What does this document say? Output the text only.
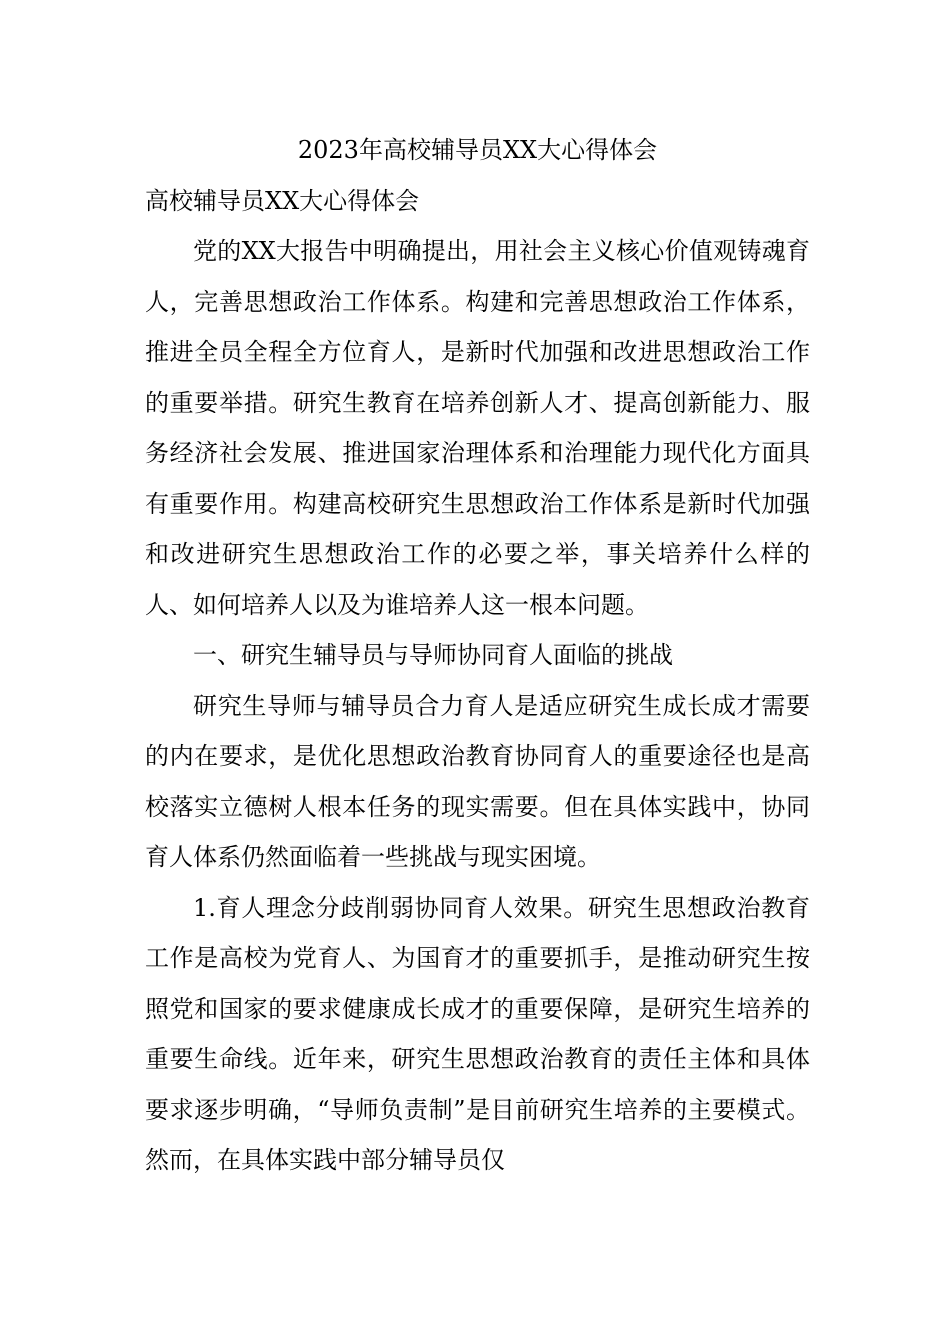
2023年高校辅导员XX大心得体会

高校辅导员XX大心得体会

党的XX大报告中明确提出，用社会主义核心价值观铸魂育人，完善思想政治工作体系。构建和完善思想政治工作体系，推进全员全程全方位育人，是新时代加强和改进思想政治工作的重要举措。研究生教育在培养创新人才、提高创新能力、服务经济社会发展、推进国家治理体系和治理能力现代化方面具有重要作用。构建高校研究生思想政治工作体系是新时代加强和改进研究生思想政治工作的必要之举，事关培养什么样的人、如何培养人以及为谁培养人这一根本问题。

一、研究生辅导员与导师协同育人面临的挑战

研究生导师与辅导员合力育人是适应研究生成长成才需要的内在要求，是优化思想政治教育协同育人的重要途径也是高校落实立德树人根本任务的现实需要。但在具体实践中，协同育人体系仍然面临着一些挑战与现实困境。

1.育人理念分歧削弱协同育人效果。研究生思想政治教育工作是高校为党育人、为国育才的重要抓手，是推动研究生按照党和国家的要求健康成长成才的重要保障，是研究生培养的重要生命线。近年来，研究生思想政治教育的责任主体和具体要求逐步明确，“导师负责制”是目前研究生培养的主要模式。然而，在具体实践中部分辅导员仅
